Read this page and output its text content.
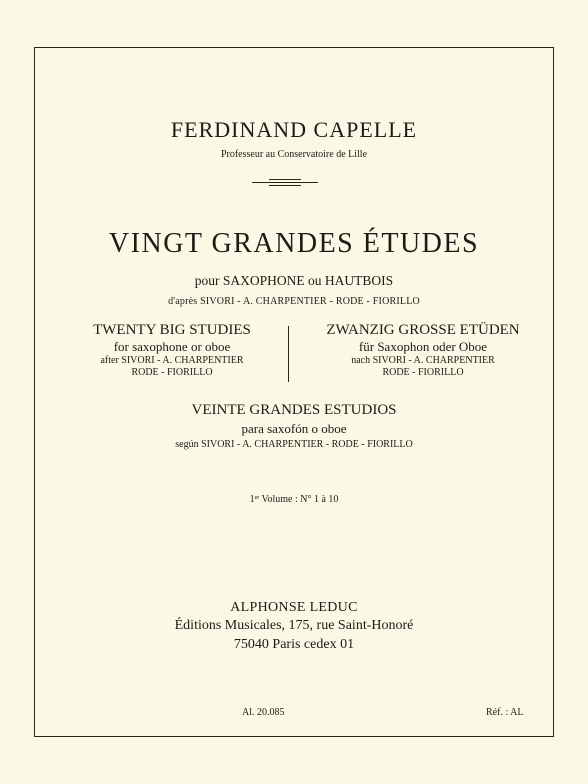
FERDINAND CAPELLE
Professeur au Conservatoire de Lille
VINGT GRANDES ÉTUDES
pour SAXOPHONE ou HAUTBOIS
d'après SIVORI - A. CHARPENTIER - RODE - FIORILLO
TWENTY BIG STUDIES
for saxophone or oboe
after SIVORI - A. CHARPENTIER
RODE - FIORILLO
ZWANZIG GROSSE ETÜDEN
für Saxophon oder Oboe
nach SIVORI - A. CHARPENTIER
RODE - FIORILLO
VEINTE GRANDES ESTUDIOS
para saxofón o oboe
según SIVORI - A. CHARPENTIER - RODE - FIORILLO
1er Volume : N° 1 à 10
ALPHONSE LEDUC
Éditions Musicales, 175, rue Saint-Honoré
75040 Paris cedex 01
Al. 20.085	Réf. : AL
